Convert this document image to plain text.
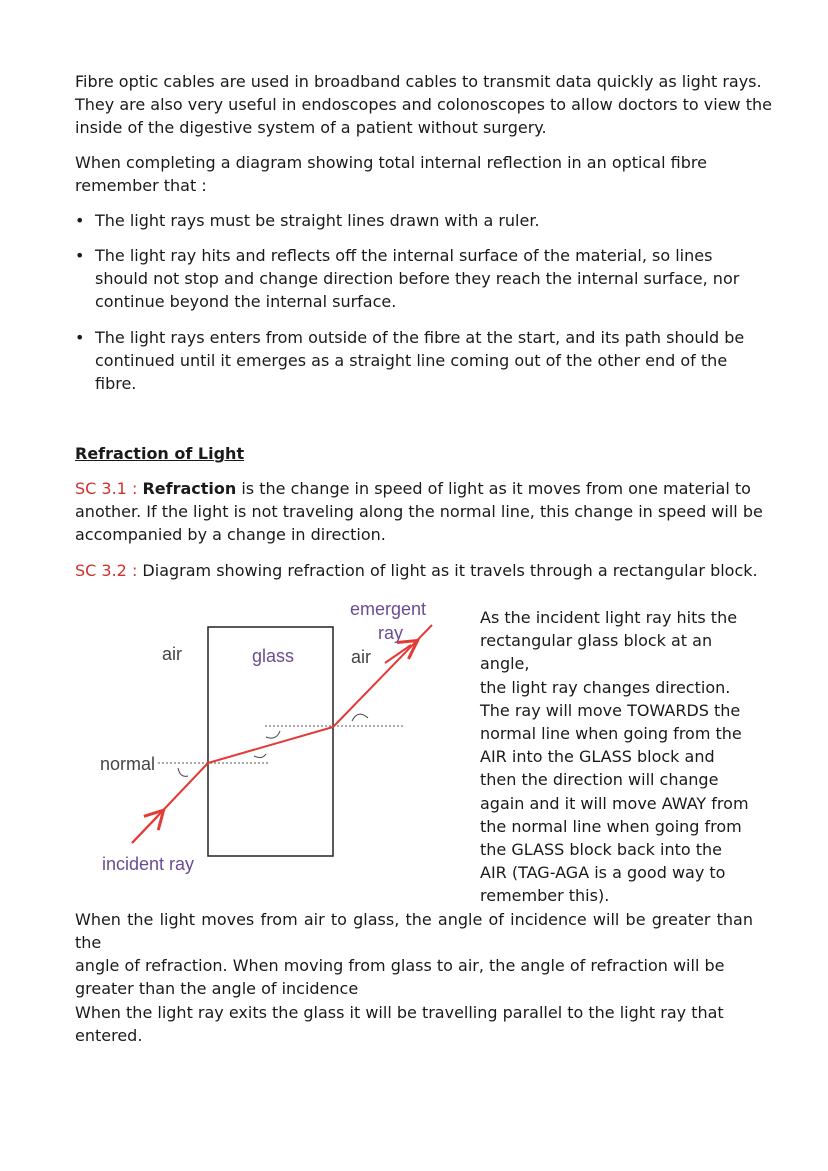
Fibre optic cables are used in broadband cables to transmit data quickly as light rays.
They are also very useful in endoscopes and colonoscopes to allow doctors to view the
inside of the digestive system of a patient without surgery.
When completing a diagram showing total internal reflection in an optical fibre
remember that :
• The light rays must be straight lines drawn with a ruler.
• The light ray hits and reflects off the internal surface of the material, so lines
should not stop and change direction before they reach the internal surface, nor
continue beyond the internal surface.
• The light rays enters from outside of the fibre at the start, and its path should be
continued until it emerges as a straight line coming out of the other end of the
fibre.
Refraction of Light
SC 3.1 : Refraction is the change in speed of light as it moves from one material to
another. If the light is not traveling along the normal line, this change in speed will be
accompanied by a change in direction.
SC 3.2 : Diagram showing refraction of light as it travels through a rectangular block.
air	glass	air
emergent
ray
normal
incident ray
As the incident light ray hits the
rectangular glass block at an angle,
the light ray changes direction.
The ray will move TOWARDS the
normal line when going from the
AIR into the GLASS block and
then the direction will change
again and it will move AWAY from
the normal line when going from
the GLASS block back into the
AIR (TAG-AGA is a good way to
remember this).
When the light moves from air to glass, the angle of incidence will be greater than the
angle of refraction. When moving from glass to air, the angle of refraction will be
greater than the angle of incidence
When the light ray exits the glass it will be travelling parallel to the light ray that
entered.
